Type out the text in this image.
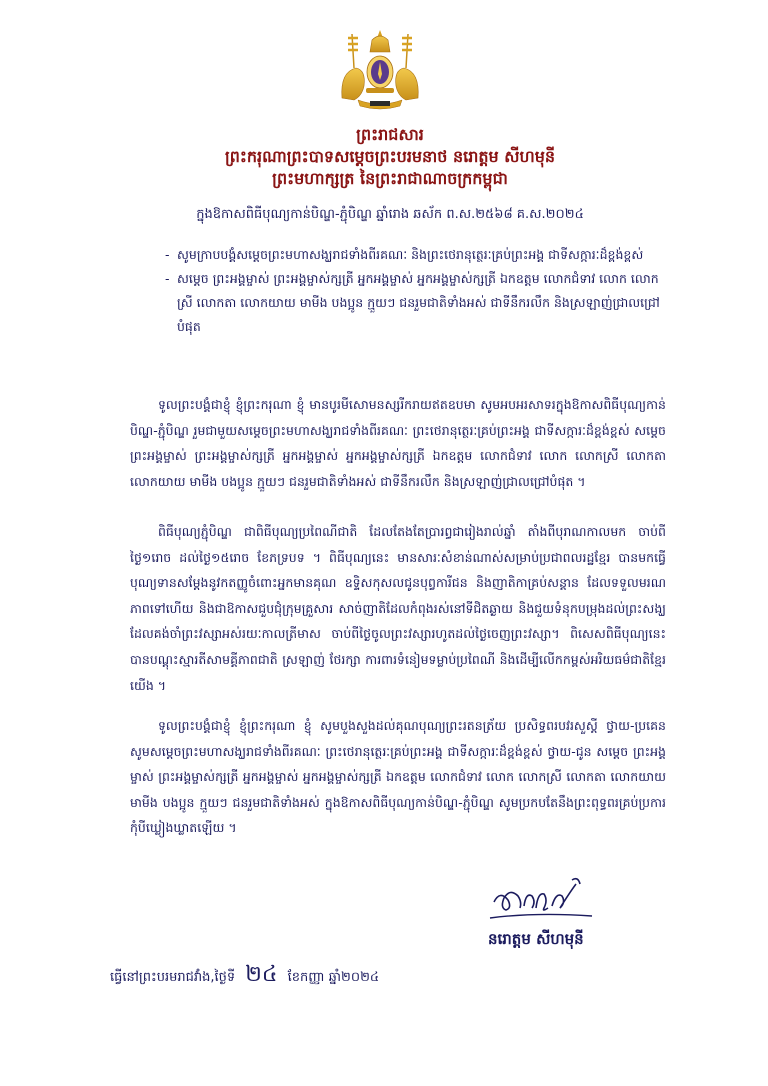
ព្រះរាជសារ

ព្រះករុណាព្រះបាទសម្តេចព្រះបរមនាថ នរោត្តម សីហមុនី

ព្រះមហាក្សត្រ នៃព្រះរាជាណាចក្រកម្ពុជា

ក្នុងឱកាសពិធីបុណ្យកាន់បិណ្ឌ-ភ្ជុំបិណ្ឌ ឆ្នាំរោង ឆស័ក ព.ស.២៥៦៨ គ.ស.២០២៤
- សូមក្រាបបង្គំសម្តេចព្រះមហាសង្ឃរាជទាំងពីរគណៈ និងព្រះថេរានុត្ថេរៈគ្រប់ព្រះអង្គ ជាទីសក្ការៈដ៏ខ្ពង់ខ្ពស់
- សម្តេច ព្រះអង្គម្ចាស់ ព្រះអង្គម្ចាស់ក្សត្រី អ្នកអង្គម្ចាស់ អ្នកអង្គម្ចាស់ក្សត្រី ឯកឧត្តម លោកជំទាវ លោក លោកស្រី លោកតា លោកយាយ មាមីង បងប្អូន ក្មួយៗ ជនរួមជាតិទាំងអស់ ជាទីនឹករលឹក និងស្រឡាញ់ជ្រាលជ្រៅបំផុត

ទូលព្រះបង្គំជាខ្ញុំ ខ្ញុំព្រះករុណា ខ្ញុំ មានបូរមីសោមនស្សរីករាយឥតឧបមា សូមអបអរសាទរក្នុងឱកាសពិធីបុណ្យកាន់បិណ្ឌ-ភ្ជុំបិណ្ឌ រួមជាមួយសម្តេចព្រះមហាសង្ឃរាជទាំងពីរគណៈ ព្រះថេរានុត្ថេរៈគ្រប់ព្រះអង្គ ជាទីសក្ការៈដ៏ខ្ពង់ខ្ពស់ សម្តេច ព្រះអង្គម្ចាស់ ព្រះអង្គម្ចាស់ក្សត្រី អ្នកអង្គម្ចាស់ អ្នកអង្គម្ចាស់ក្សត្រី ឯកឧត្តម លោកជំទាវ លោក លោកស្រី លោកតា លោកយាយ មាមីង បងប្អូន ក្មួយៗ ជនរួមជាតិទាំងអស់ ជាទីនឹករលឹក និងស្រឡាញ់ជ្រាលជ្រៅបំផុត ។

ពិធីបុណ្យភ្ជុំបិណ្ឌ ជាពិធីបុណ្យប្រពៃណីជាតិ ដែលតែងតែប្រារព្ធជារៀងរាល់ឆ្នាំ តាំងពីបុរាណកាលមក ចាប់ពីថ្ងៃ១រោច ដល់ថ្ងៃ១៥រោច ខែភទ្របទ ។ ពិធីបុណ្យនេះ មានសារៈសំខាន់ណាស់សម្រាប់ប្រជាពលរដ្ឋខ្មែរ បានមកធ្វើបុណ្យទានសម្តែងនូវកតញ្ញូចំពោះអ្នកមានគុណ ឧទ្ទិសកុសលជូនបុព្វការីជន និងញាតិកាគ្រប់សន្តាន ដែលទទួលមរណភាពទៅហើយ និងជាឱកាសជួបជុំក្រុមគ្រួសារ សាច់ញាតិដែលកំពុងរស់នៅទីជិតឆ្ងាយ និងជួយទំនុកបម្រុងដល់ព្រះសង្ឃដែលគង់ចាំព្រះវស្សាអស់រយៈកាលត្រីមាស ចាប់ពីថ្ងៃចូលព្រះវស្សារហូតដល់ថ្ងៃចេញព្រះវស្សា។ ពិសេសពិធីបុណ្យនេះ បានបណ្ដុះស្មារតីសាមគ្គីភាពជាតិ ស្រឡាញ់ ថែរក្សា ការពារទំនៀមទម្លាប់ប្រពៃណី និងដើម្បីលើកកម្ពស់អរិយធម៌ជាតិខ្មែរយើង ។

ទូលព្រះបង្គំជាខ្ញុំ ខ្ញុំព្រះករុណា ខ្ញុំ សូមបួងសួងដល់គុណបុណ្យព្រះរតនត្រ័យ ប្រសិទ្ធពរបវរសួស្តី ថ្វាយ-ប្រគេន សូមសម្តេចព្រះមហាសង្ឃរាជទាំងពីរគណៈ ព្រះថេរានុត្ថេរៈគ្រប់ព្រះអង្គ ជាទីសក្ការៈដ៏ខ្ពង់ខ្ពស់ ថ្វាយ-ជូន សម្តេច ព្រះអង្គម្ចាស់ ព្រះអង្គម្ចាស់ក្សត្រី អ្នកអង្គម្ចាស់ អ្នកអង្គម្ចាស់ក្សត្រី ឯកឧត្តម លោកជំទាវ លោក លោកស្រី លោកតា លោកយាយ មាមីង បងប្អូន ក្មួយៗ ជនរួមជាតិទាំងអស់ ក្នុងឱកាសពិធីបុណ្យកាន់បិណ្ឌ-ភ្ជុំបិណ្ឌ សូមប្រកបតែនឹងព្រះពុទ្ធពរគ្រប់ប្រការកុំបីឃ្លៀងឃ្លាតឡើយ ។

នរោត្តម សីហមុនី
ធ្វើនៅព្រះបរមរាជវាំង,ថ្ងៃទី ២៤ ខែកញ្ញា ឆ្នាំ២០២៤
